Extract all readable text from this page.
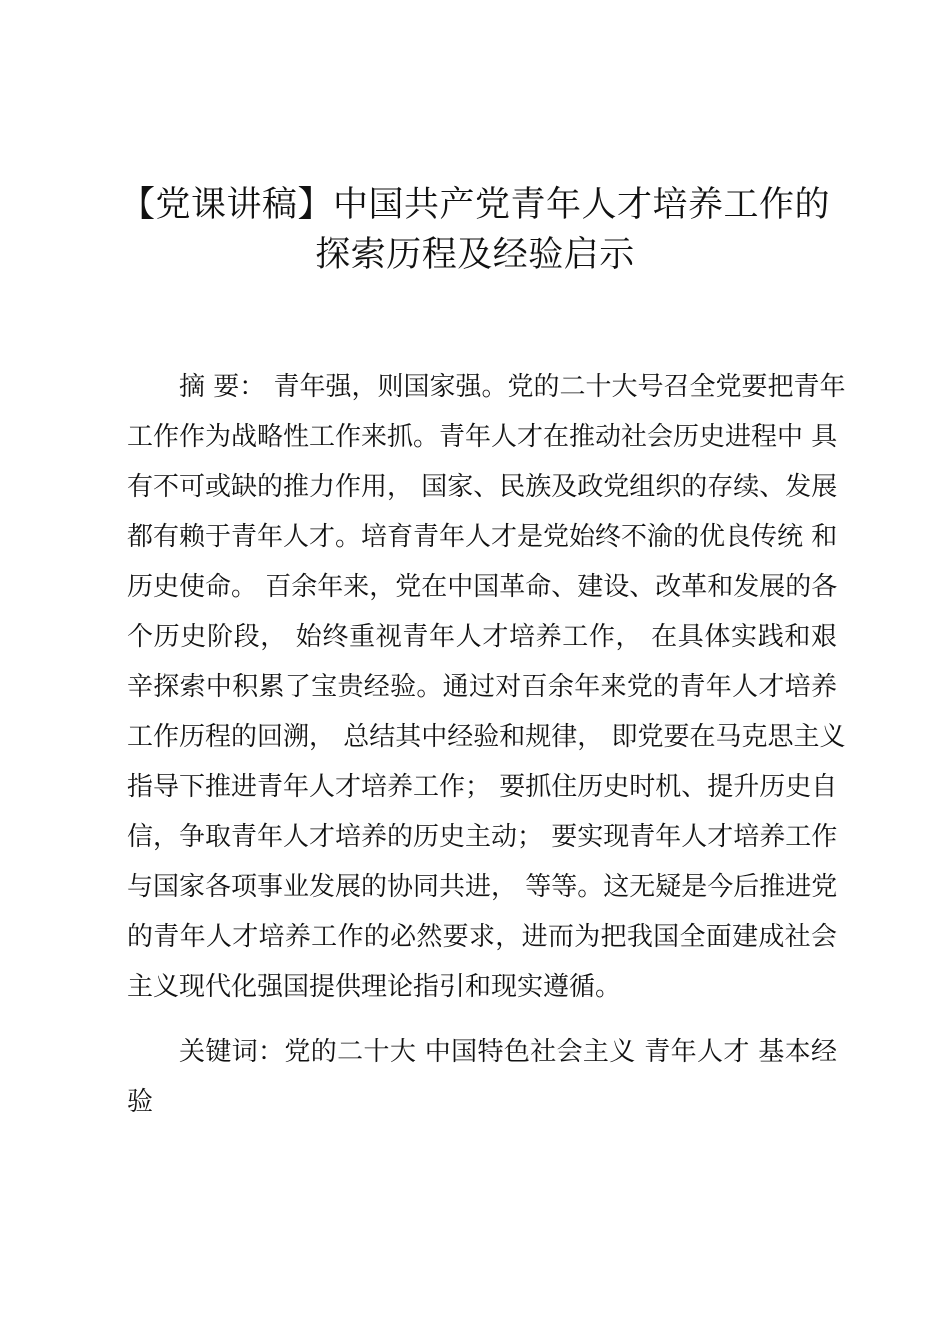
【党课讲稿】中国共产党青年人才培养工作的
探索历程及经验启示
摘 要： 青年强，则国家强。党的二十大号召全党要把青年
工作作为战略性工作来抓。青年人才在推动社会历史进程中 具
有不可或缺的推力作用， 国家、民族及政党组织的存续、发展
都有赖于青年人才。培育青年人才是党始终不渝的优良传统 和
历史使命。 百余年来，党在中国革命、建设、改革和发展的各
个历史阶段， 始终重视青年人才培养工作， 在具体实践和艰
辛探索中积累了宝贵经验。通过对百余年来党的青年人才培养
工作历程的回溯， 总结其中经验和规律， 即党要在马克思主义
指导下推进青年人才培养工作； 要抓住历史时机、提升历史自
信，争取青年人才培养的历史主动； 要实现青年人才培养工作
与国家各项事业发展的协同共进， 等等。这无疑是今后推进党
的青年人才培养工作的必然要求，进而为把我国全面建成社会
主义现代化强国提供理论指引和现实遵循。
关键词：党的二十大 中国特色社会主义 青年人才 基本经
验
